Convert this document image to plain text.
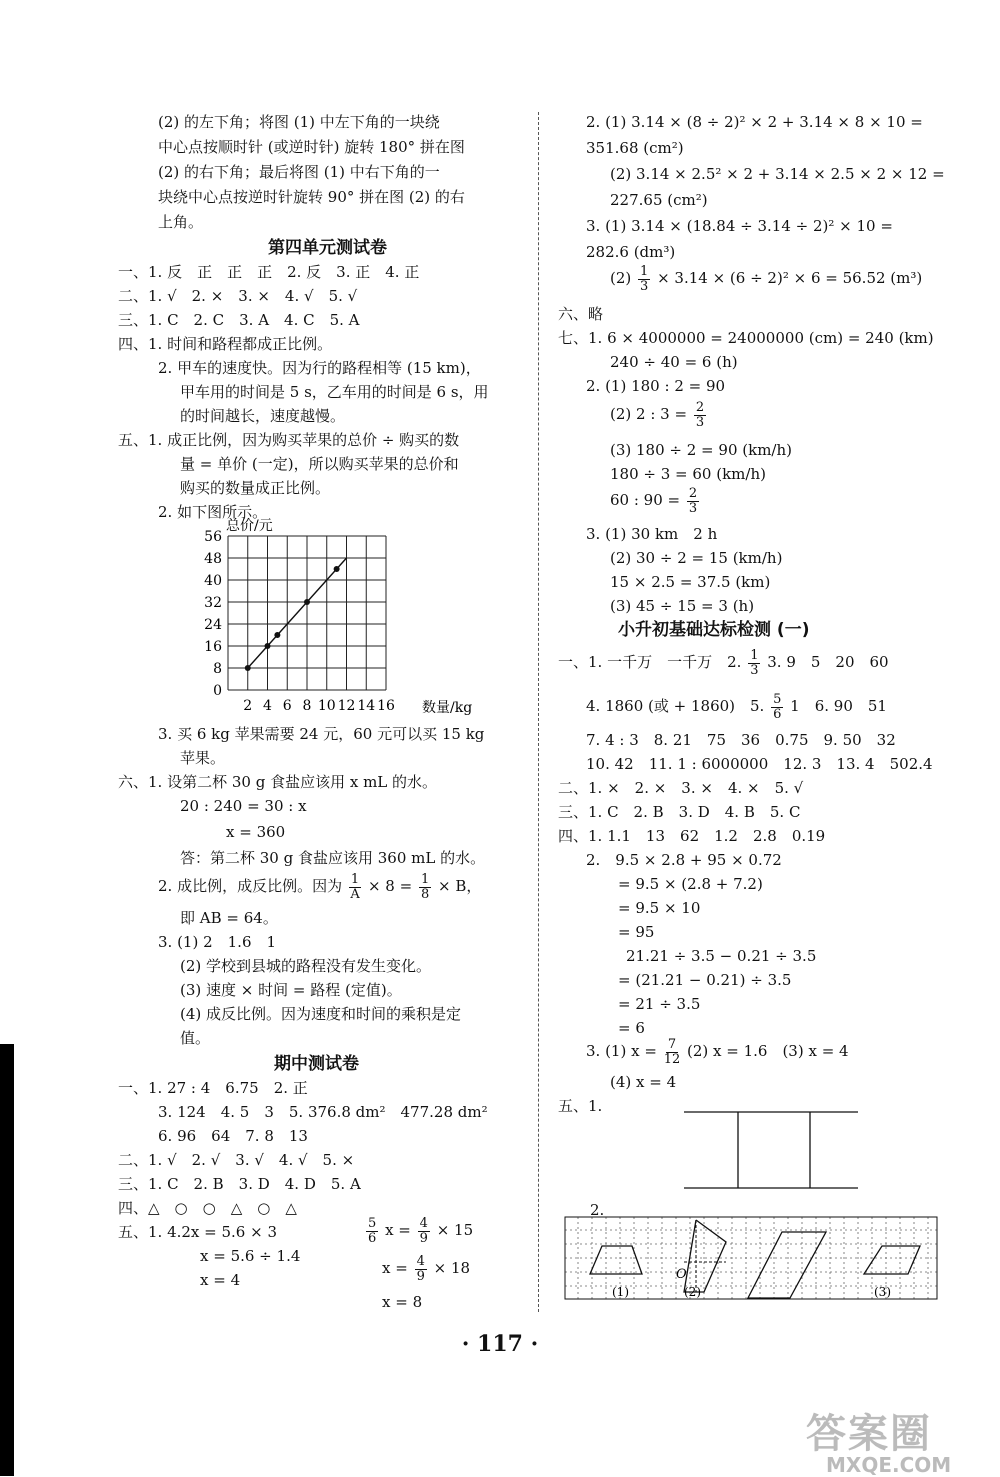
(2) 的左下角；将图 (1) 中左下角的一块绕
中心点按顺时针 (或逆时针) 旋转 180° 拼在图
(2) 的右下角；最后将图 (1) 中右下角的一
块绕中心点按逆时针旋转 90° 拼在图 (2) 的右
上角。
第四单元测试卷
一、1. 反　正　正　正　2. 反　3. 正　4. 正
二、1. √　2. ×　3. ×　4. √　5. √
三、1. C　2. C　3. A　4. C　5. A
四、1. 时间和路程都成正比例。
2. 甲车的速度快。因为行的路程相等 (15 km)，
甲车用的时间是 5 s，乙车用的时间是 6 s，用
的时间越长，速度越慢。
五、1. 成正比例，因为购买苹果的总价 ÷ 购买的数
量 = 单价 (一定)，所以购买苹果的总价和
购买的数量成正比例。
2. 如下图所示。
总价/元
数量/kg
0
8
16
24
32
40
48
56
2 4 6 8 10 12 14 16
3. 买 6 kg 苹果需要 24 元，60 元可以买 15 kg
苹果。
六、1. 设第二杯 30 g 食盐应该用 x mL 的水。
20 : 240 = 30 : x
x = 360
答：第二杯 30 g 食盐应该用 360 mL 的水。
2. 成比例，成反比例。因为 $\frac{1}{A} \times 8 = \frac{1}{8} \times B$，
即 AB = 64。
3. (1) 2　1.6　1
(2) 学校到县城的路程没有发生变化。
(3) 速度 × 时间 = 路程 (定值)。
(4) 成反比例。因为速度和时间的乘积是定
值。
期中测试卷
一、1. 27 : 4　6.75　2. 正
3. 124　4. 5　3　5. 376.8 dm²　477.28 dm²
6. 96　64　7. 8　13
二、1. √　2. √　3. √　4. √　5. ×
三、1. C　2. B　3. D　4. D　5. A
四、△　○　○　△　○　△
五、1. 4.2x = 5.6 × 3
x = 5.6 ÷ 1.4
x = 4
$\frac{5}{6}$ $x = \frac{4}{9} \times 15$
$x = \frac{4}{9} \times 18$
x = 8
2. (1) 3.14 × (8 ÷ 2)² × 2 + 3.14 × 8 × 10 =
351.68 (cm²)
(2) 3.14 × 2.5² × 2 + 3.14 × 2.5 × 2 × 12 =
227.65 (cm²)
3. (1) 3.14 × (18.84 ÷ 3.14 ÷ 2)² × 10 =
282.6 (dm³)
$(2) \frac{1}{3} \times 3.14 \times (6 \div 2)^2 \times 6 = 56.52$ (m³)
六、略
七、1. 6 × 4000000 = 24000000 (cm) = 240 (km)
240 ÷ 40 = 6 (h)
2. (1) 180 : 2 = 90
(2) 2 : $3 = \frac{2}{3}$
(3) 180 ÷ 2 = 90 (km/h)
180 ÷ 3 = 60 (km/h)
60 : $90 = \frac{2}{3}$
3. (1) 30 km　2 h
(2) 30 ÷ 2 = 15 (km/h)
15 × 2.5 = 37.5 (km)
(3) 45 ÷ 15 = 3 (h)
小升初基础达标检测 (一)
一、1. 一千万　一千万　2. $\frac{1}{3} 3$. 9　5　20　60
4. 1860 (或 + 1860)　5. $\frac{5}{6} 1$　6. 90　51
7. 4 : 3　8. 21　75　36　0.75　9. 50　32
10. 42　11. 1 : 6000000　12. 3　13. 4　502.4
二、1. ×　2. ×　3. ×　4. ×　5. √
三、1. C　2. B　3. D　4. B　5. C
四、1. 1.1　13　62　1.2　2.8　0.19
2.　9.5 × 2.8 + 95 × 0.72
= 9.5 × (2.8 + 7.2)
= 9.5 × 10
= 95
21.21 ÷ 3.5 − 0.21 ÷ 3.5
= (21.21 − 0.21) ÷ 3.5
= 21 ÷ 3.5
= 6
3. (1) $x = \frac{7}{12} (2) x = 1.6$　(3) x = 4
(4) x = 4
五、1.
2.
(1)	(2)	(3)
O
· 117 ·
答案圈
MXQE.COM
